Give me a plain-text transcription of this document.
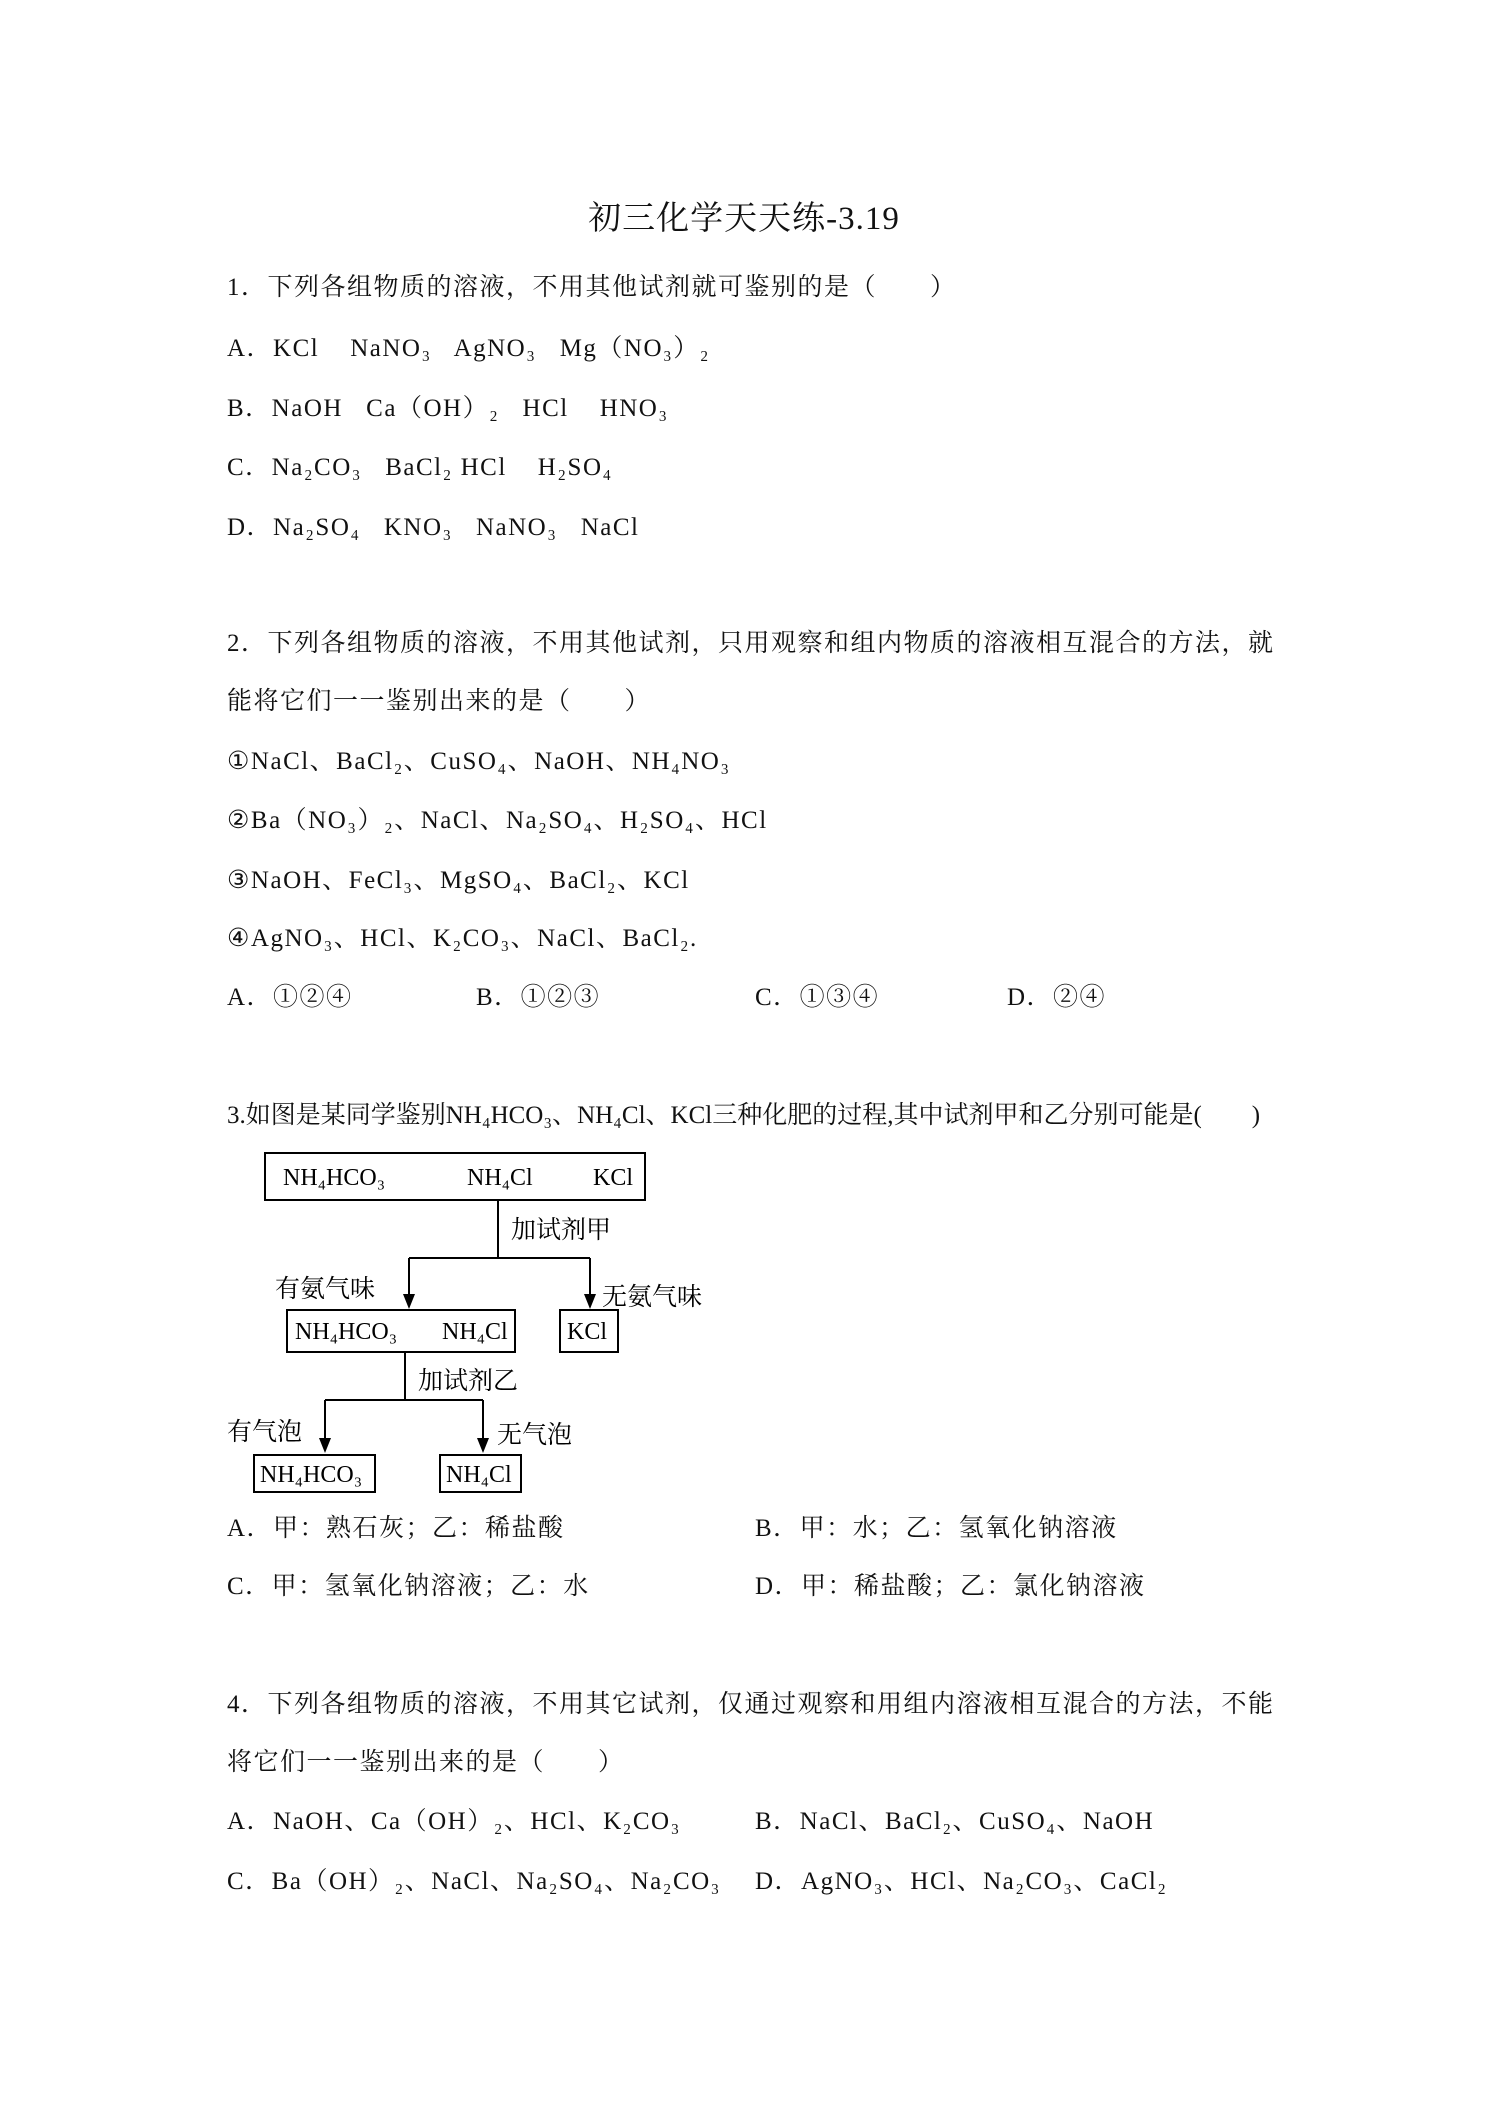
初三化学天天练-3.19
1．下列各组物质的溶液，不用其他试剂就可鉴别的是（　　）
A．KCl    NaNO₃   AgNO₃   Mg（NO₃）₂
B．NaOH   Ca（OH）₂   HCl    HNO₃
C．Na₂CO₃   BaCl₂ HCl    H₂SO₄
D．Na₂SO₄   KNO₃   NaNO₃   NaCl
2．下列各组物质的溶液，不用其他试剂，只用观察和组内物质的溶液相互混合的方法，就
能将它们一一鉴别出来的是（　　）
①NaCl、BaCl₂、CuSO₄、NaOH、NH₄NO₃
②Ba（NO₃）₂、NaCl、Na₂SO₄、H₂SO₄、HCl
③NaOH、FeCl₃、MgSO₄、BaCl₂、KCl
④AgNO₃、HCl、K₂CO₃、NaCl、BaCl₂.
A．①②④	B．①②③	C．①③④	D．②④
3.如图是某同学鉴别NH₄HCO₃、NH₄Cl、KCl三种化肥的过程,其中试剂甲和乙分别可能是(　　)
NH₄HCO₃	NH₄Cl	KCl
加试剂甲
有氨气味	无氨气味
NH₄HCO₃ NH₄Cl KCl
加试剂乙
有气泡	无气泡
NH₄HCO₃	NH₄Cl
A．甲：熟石灰；乙：稀盐酸	B．甲：水；乙：氢氧化钠溶液
C．甲：氢氧化钠溶液；乙：水	D．甲：稀盐酸；乙：氯化钠溶液
4．下列各组物质的溶液，不用其它试剂，仅通过观察和用组内溶液相互混合的方法，不能
将它们一一鉴别出来的是（　　）
A．NaOH、Ca（OH）₂、HCl、K₂CO₃	B．NaCl、BaCl₂、CuSO₄、NaOH
C．Ba（OH）₂、NaCl、Na₂SO₄、Na₂CO₃ D．AgNO₃、HCl、Na₂CO₃、CaCl₂
